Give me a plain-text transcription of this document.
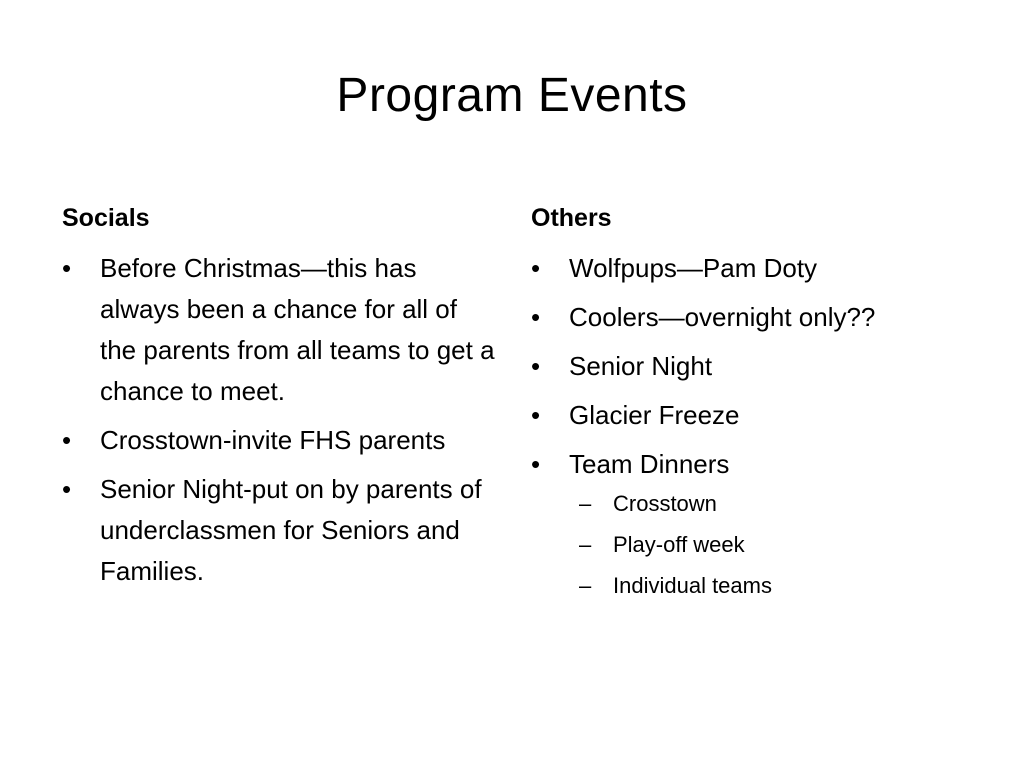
Program Events
Socials
•	Before Christmas—this has always been a chance for all of the parents from all teams to get a chance to meet.
•	Crosstown-invite FHS parents
•	Senior Night-put on by parents of underclassmen for Seniors and Families.
Others
•	Wolfpups—Pam Doty
•	Coolers—overnight only??
•	Senior Night
•	Glacier Freeze
•	Team Dinners
– Crosstown
– Play-off week
– Individual teams
